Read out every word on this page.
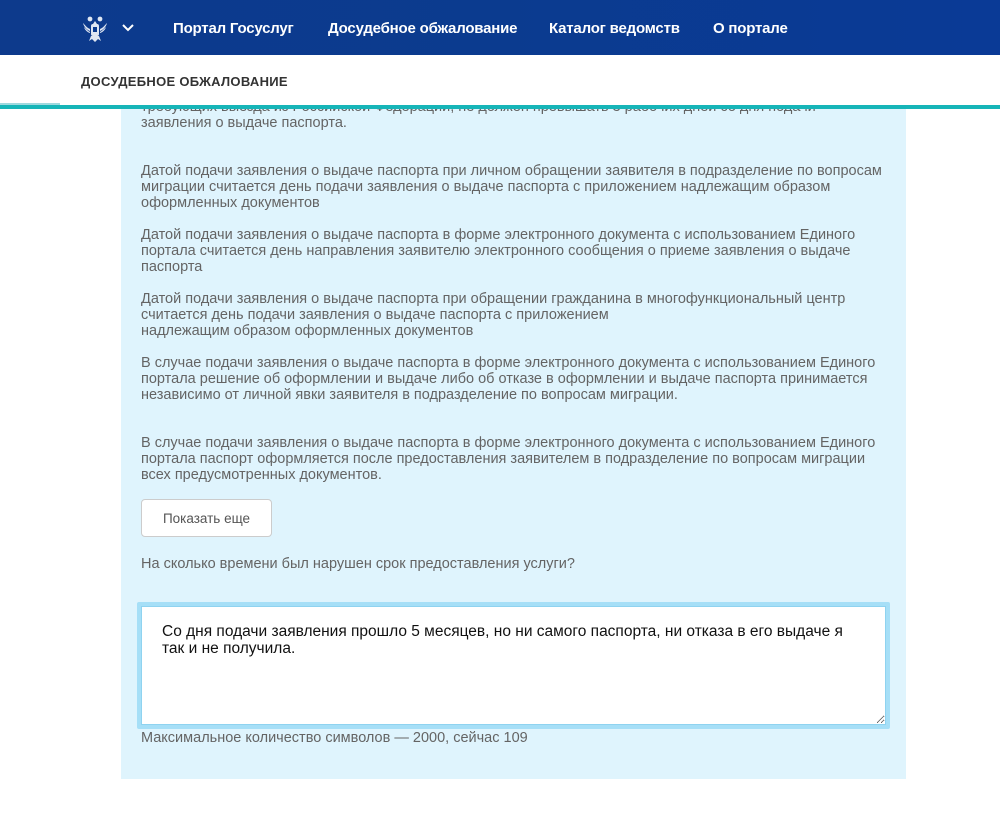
Портал Госуслуг Досудебное обжалование Каталог ведомств О портале
ДОСУДЕБНОЕ ОБЖАЛОВАНИЕ
заявления о выдаче паспорта.
Датой подачи заявления о выдаче паспорта при личном обращении заявителя в подразделение по вопросам миграции считается день подачи заявления о выдаче паспорта с приложением надлежащим образом оформленных документов
Датой подачи заявления о выдаче паспорта в форме электронного документа с использованием Единого портала считается день направления заявителю электронного сообщения о приеме заявления о выдаче паспорта
Датой подачи заявления о выдаче паспорта при обращении гражданина в многофункциональный центр считается день подачи заявления о выдаче паспорта с приложением
надлежащим образом оформленных документов
В случае подачи заявления о выдаче паспорта в форме электронного документа с использованием Единого портала решение об оформлении и выдаче либо об отказе в оформлении и выдаче паспорта принимается независимо от личной явки заявителя в подразделение по вопросам миграции.
В случае подачи заявления о выдаче паспорта в форме электронного документа с использованием Единого портала паспорт оформляется после предоставления заявителем в подразделение по вопросам миграции всех предусмотренных документов.
Показать еще
На сколько времени был нарушен срок предоставления услуги?
Со дня подачи заявления прошло 5 месяцев, но ни самого паспорта, ни отказа в его выдаче я так и не получила.
Максимальное количество символов — 2000, сейчас 109
